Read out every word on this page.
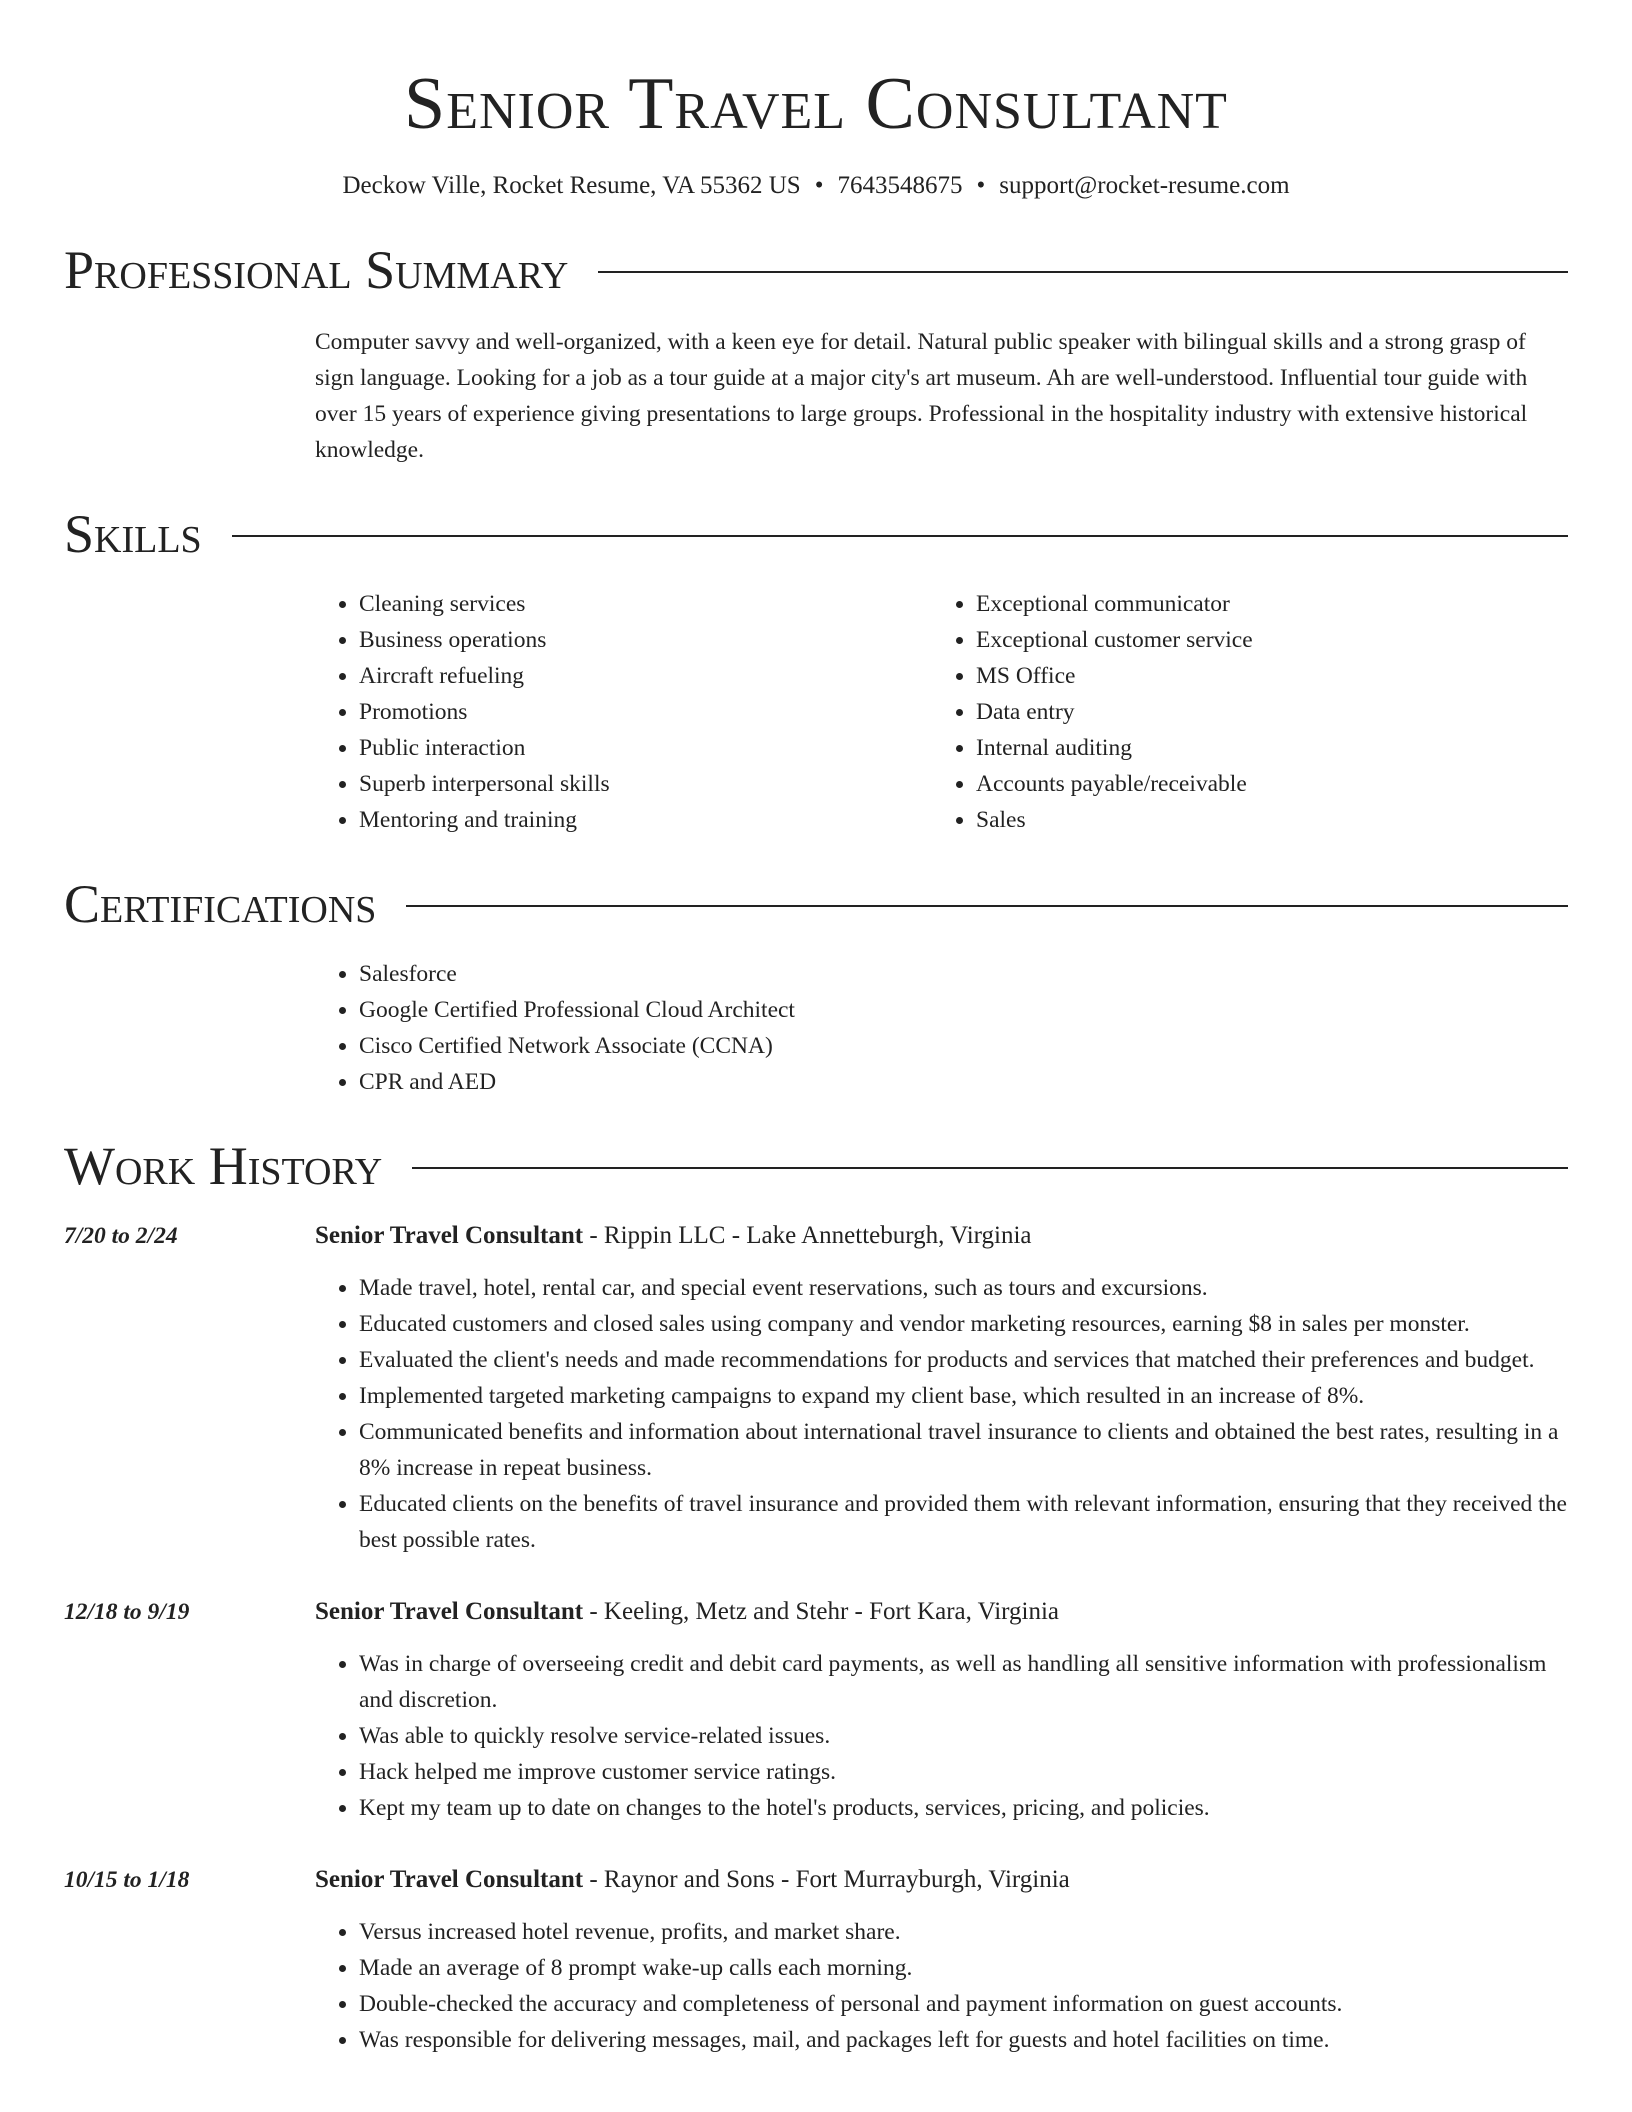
Senior Travel Consultant
Deckow Ville, Rocket Resume, VA 55362 US • 7643548675 • support@rocket-resume.com
Professional Summary

Computer savvy and well-organized, with a keen eye for detail. Natural public speaker with bilingual skills and a strong grasp of sign language. Looking for a job as a tour guide at a major city's art museum. Ah are well-understood. Influential tour guide with over 15 years of experience giving presentations to large groups. Professional in the hospitality industry with extensive historical knowledge.

Skills
• Cleaning services
• Business operations
• Aircraft refueling
• Promotions
• Public interaction
• Superb interpersonal skills
• Mentoring and training
• Exceptional communicator
• Exceptional customer service
• MS Office
• Data entry
• Internal auditing
• Accounts payable/receivable
• Sales
Certifications
• Salesforce
• Google Certified Professional Cloud Architect
• Cisco Certified Network Associate (CCNA)
• CPR and AED
Work History
7/20 to 2/24	Senior Travel Consultant - Rippin LLC - Lake Annetteburgh, Virginia
• Made travel, hotel, rental car, and special event reservations, such as tours and excursions.
• Educated customers and closed sales using company and vendor marketing resources, earning $8 in sales per monster.
• Evaluated the client's needs and made recommendations for products and services that matched their preferences and budget.
• Implemented targeted marketing campaigns to expand my client base, which resulted in an increase of 8%.
• Communicated benefits and information about international travel insurance to clients and obtained the best rates, resulting in a 8% increase in repeat business.
• Educated clients on the benefits of travel insurance and provided them with relevant information, ensuring that they received the best possible rates.
12/18 to 9/19	Senior Travel Consultant - Keeling, Metz and Stehr - Fort Kara, Virginia
• Was in charge of overseeing credit and debit card payments, as well as handling all sensitive information with professionalism and discretion.
• Was able to quickly resolve service-related issues.
• Hack helped me improve customer service ratings.
• Kept my team up to date on changes to the hotel's products, services, pricing, and policies.
10/15 to 1/18	Senior Travel Consultant - Raynor and Sons - Fort Murrayburgh, Virginia
• Versus increased hotel revenue, profits, and market share.
• Made an average of 8 prompt wake-up calls each morning.
• Double-checked the accuracy and completeness of personal and payment information on guest accounts.
• Was responsible for delivering messages, mail, and packages left for guests and hotel facilities on time.
